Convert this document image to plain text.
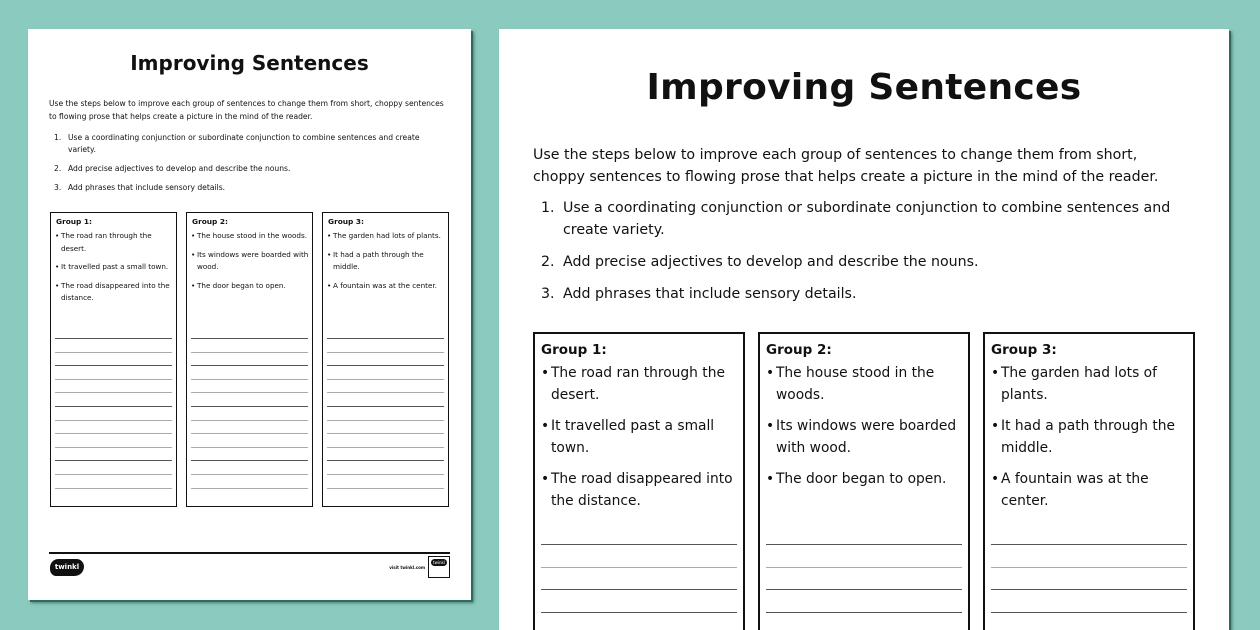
Improving Sentences

Use the steps below to improve each group of sentences to change them from short, choppy sentences to flowing prose that helps create a picture in the mind of the reader.

1. Use a coordinating conjunction or subordinate conjunction to combine sentences and create variety.
2. Add precise adjectives to develop and describe the nouns.
3. Add phrases that include sensory details.
Group 1:
• The road ran through the desert.
• It travelled past a small town.
• The road disappeared into the distance.
Group 2:
• The house stood in the woods.
• Its windows were boarded with wood.
• The door began to open.
Group 3:
• The garden had lots of plants.
• It had a path through the middle.
• A fountain was at the center.
twinkl	visit twinkl.com
twinkl
Improving Sentences

Use the steps below to improve each group of sentences to change them from short, choppy sentences to flowing prose that helps create a picture in the mind of the reader.

1. Use a coordinating conjunction or subordinate conjunction to combine sentences and create variety.
2. Add precise adjectives to develop and describe the nouns.
3. Add phrases that include sensory details.
Group 1:
• The road ran through the desert.
• It travelled past a small town.
• The road disappeared into the distance.
Group 2:
• The house stood in the woods.
• Its windows were boarded with wood.
• The door began to open.
Group 3:
• The garden had lots of plants.
• It had a path through the middle.
• A fountain was at the center.
